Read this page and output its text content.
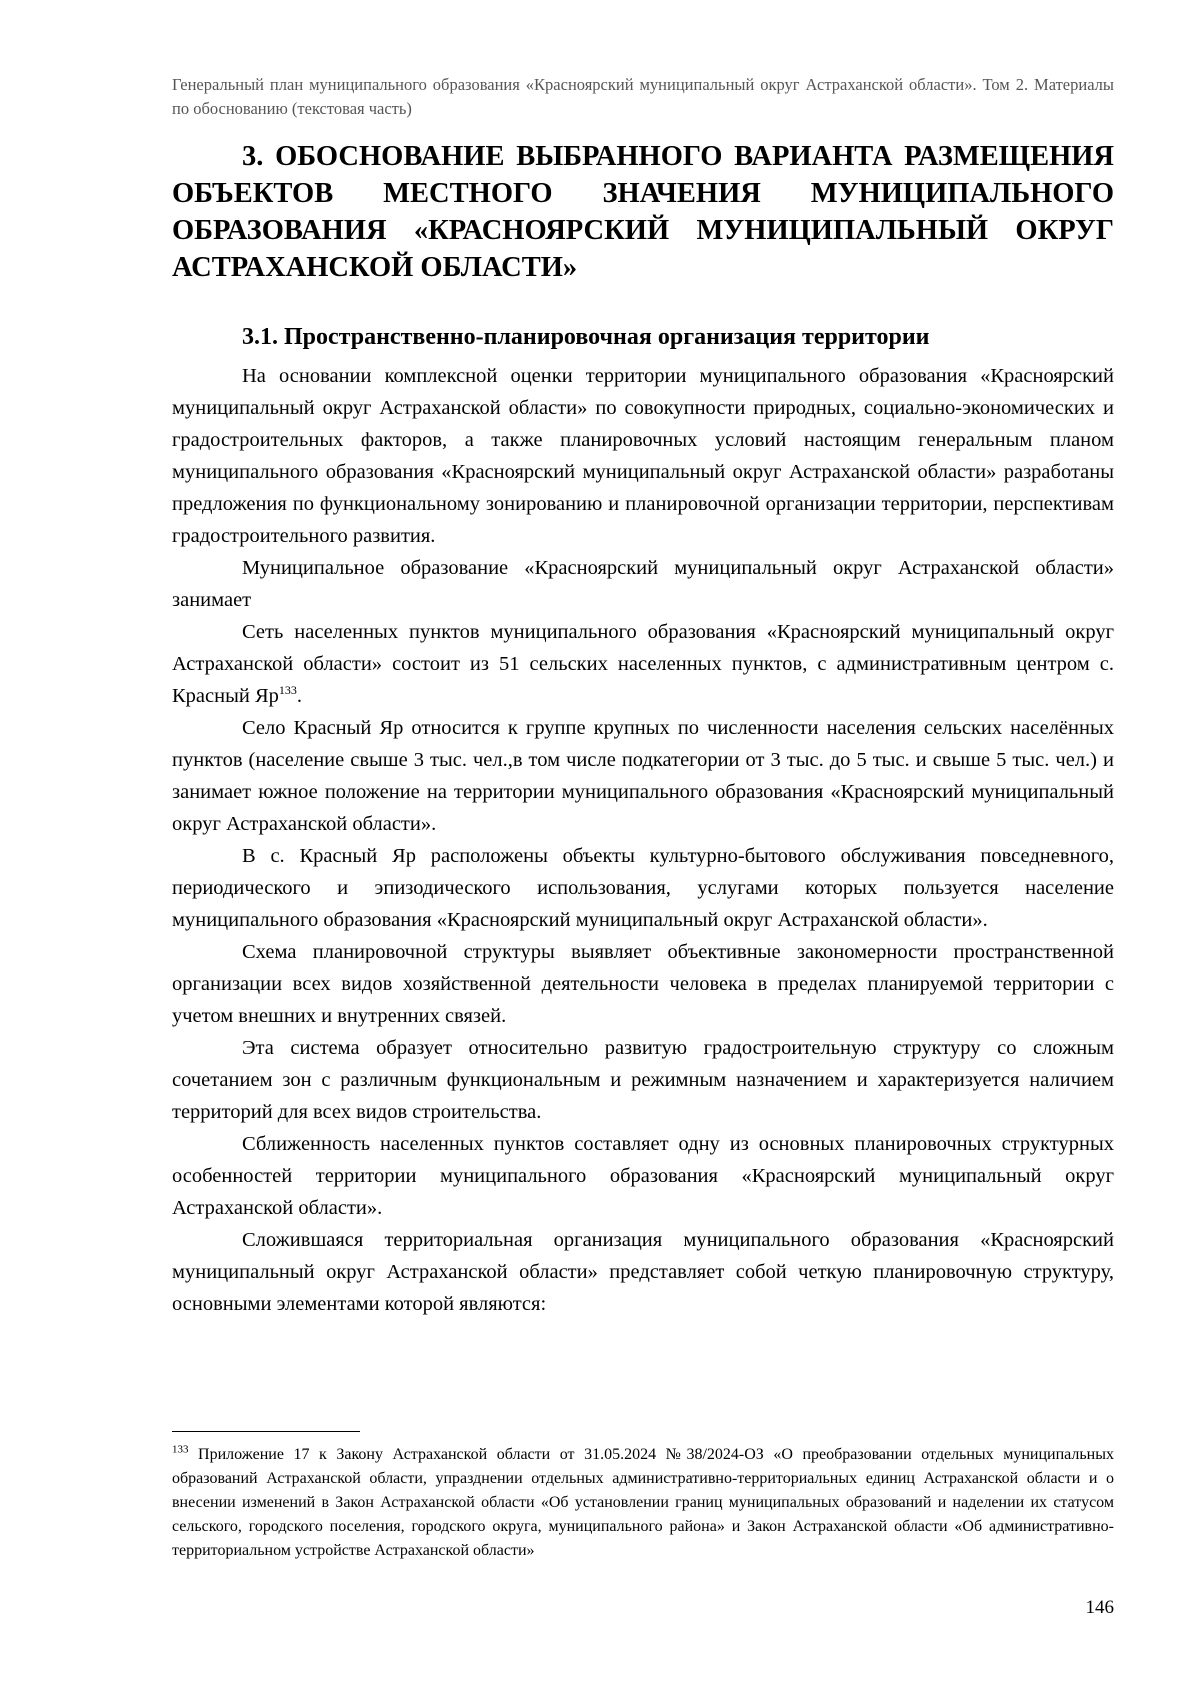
Генеральный план муниципального образования «Красноярский муниципальный округ Астраханской области». Том 2. Материалы по обоснованию (текстовая часть)
3. ОБОСНОВАНИЕ ВЫБРАННОГО ВАРИАНТА РАЗМЕЩЕНИЯ ОБЪЕКТОВ МЕСТНОГО ЗНАЧЕНИЯ МУНИЦИПАЛЬНОГО ОБРАЗОВАНИЯ «КРАСНОЯРСКИЙ МУНИЦИПАЛЬНЫЙ ОКРУГ АСТРАХАНСКОЙ ОБЛАСТИ»
3.1. Пространственно-планировочная организация территории

На основании комплексной оценки территории муниципального образования «Красноярский муниципальный округ Астраханской области» по совокупности природных, социально-экономических и градостроительных факторов, а также планировочных условий настоящим генеральным планом муниципального образования «Красноярский муниципальный округ Астраханской области» разработаны предложения по функциональному зонированию и планировочной организации территории, перспективам градостроительного развития.

Муниципальное образование «Красноярский муниципальный округ Астраханской области» занимает

Сеть населенных пунктов муниципального образования «Красноярский муниципальный округ Астраханской области» состоит из 51 сельских населенных пунктов, с административным центром с. Красный Яр$^{133}$.

Село Красный Яр относится к группе крупных по численности населения сельских населённых пунктов (население свыше 3 тыс. чел.,в том числе подкатегории от 3 тыс. до 5 тыс. и свыше 5 тыс. чел.) и занимает южное положение на территории муниципального образования «Красноярский муниципальный округ Астраханской области».

В с. Красный Яр расположены объекты культурно-бытового обслуживания повседневного, периодического и эпизодического использования, услугами которых пользуется население муниципального образования «Красноярский муниципальный округ Астраханской области».

Схема планировочной структуры выявляет объективные закономерности пространственной организации всех видов хозяйственной деятельности человека в пределах планируемой территории с учетом внешних и внутренних связей.

Эта система образует относительно развитую градостроительную структуру со сложным сочетанием зон с различным функциональным и режимным назначением и характеризуется наличием территорий для всех видов строительства.

Сближенность населенных пунктов составляет одну из основных планировочных структурных особенностей территории муниципального образования «Красноярский муниципальный округ Астраханской области».

Сложившаяся территориальная организация муниципального образования «Красноярский муниципальный округ Астраханской области» представляет собой четкую планировочную структуру, основными элементами которой являются:

$^{133}$ Приложение 17 к Закону Астраханской области от 31.05.2024 №38/2024-ОЗ «О преобразовании отдельных муниципальных образований Астраханской области, упразднении отдельных административно-территориальных единиц Астраханской области и о внесении изменений в Закон Астраханской области «Об установлении границ муниципальных образований и наделении их статусом сельского, городского поселения, городского округа, муниципального района» и Закон Астраханской области «Об административно-территориальном устройстве Астраханской области»

146
